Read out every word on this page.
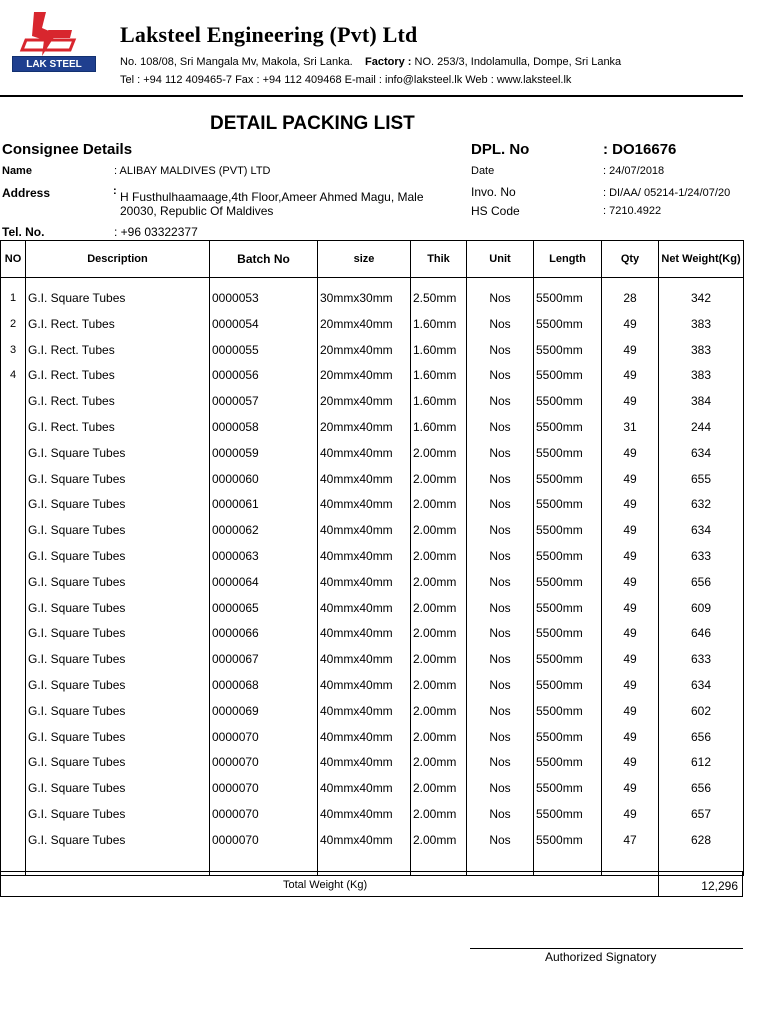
LAK STEEL
Laksteel Engineering (Pvt) Ltd
No. 108/08, Sri Mangala Mv, Makola, Sri Lanka. Factory : NO. 253/3, Indolamulla, Dompe, Sri Lanka
Tel : +94 112 409465-7 Fax : +94 112 409468 E-mail : info@laksteel.lk Web : www.laksteel.lk
DETAIL PACKING LIST
Consignee Details
Name	: ALIBAY MALDIVES (PVT) LTD
Address	: H Fusthulhaamaage,4th Floor,Ameer Ahmed Magu, Male
20030, Republic Of Maldives
Tel. No.	: +96 03322377
DPL. No	: DO16676
Date	: 24/07/2018
Invo. No	: DI/AA/ 05214-1/24/07/20
HS Code	: 7210.4922
NO	Description	Batch No	size	Thik	Unit	Length	Qty	Net Weight(Kg)
1	G.I. Square Tubes	0000053	30mmx30mm	2.50mm	Nos	5500mm	28	342
2	G.I. Rect. Tubes	0000054	20mmx40mm	1.60mm	Nos	5500mm	49	383
3	G.I. Rect. Tubes	0000055	20mmx40mm	1.60mm	Nos	5500mm	49	383
4	G.I. Rect. Tubes	0000056	20mmx40mm	1.60mm	Nos	5500mm	49	383
	G.I. Rect. Tubes	0000057	20mmx40mm	1.60mm	Nos	5500mm	49	384
	G.I. Rect. Tubes	0000058	20mmx40mm	1.60mm	Nos	5500mm	31	244
	G.I. Square Tubes	0000059	40mmx40mm	2.00mm	Nos	5500mm	49	634
	G.I. Square Tubes	0000060	40mmx40mm	2.00mm	Nos	5500mm	49	655
	G.I. Square Tubes	0000061	40mmx40mm	2.00mm	Nos	5500mm	49	632
	G.I. Square Tubes	0000062	40mmx40mm	2.00mm	Nos	5500mm	49	634
	G.I. Square Tubes	0000063	40mmx40mm	2.00mm	Nos	5500mm	49	633
	G.I. Square Tubes	0000064	40mmx40mm	2.00mm	Nos	5500mm	49	656
	G.I. Square Tubes	0000065	40mmx40mm	2.00mm	Nos	5500mm	49	609
	G.I. Square Tubes	0000066	40mmx40mm	2.00mm	Nos	5500mm	49	646
	G.I. Square Tubes	0000067	40mmx40mm	2.00mm	Nos	5500mm	49	633
	G.I. Square Tubes	0000068	40mmx40mm	2.00mm	Nos	5500mm	49	634
	G.I. Square Tubes	0000069	40mmx40mm	2.00mm	Nos	5500mm	49	602
	G.I. Square Tubes	0000070	40mmx40mm	2.00mm	Nos	5500mm	49	656
	G.I. Square Tubes	0000070	40mmx40mm	2.00mm	Nos	5500mm	49	612
	G.I. Square Tubes	0000070	40mmx40mm	2.00mm	Nos	5500mm	49	656
	G.I. Square Tubes	0000070	40mmx40mm	2.00mm	Nos	5500mm	49	657
	G.I. Square Tubes	0000070	40mmx40mm	2.00mm	Nos	5500mm	47	628

Total Weight (Kg)	12,296
Authorized Signatory
